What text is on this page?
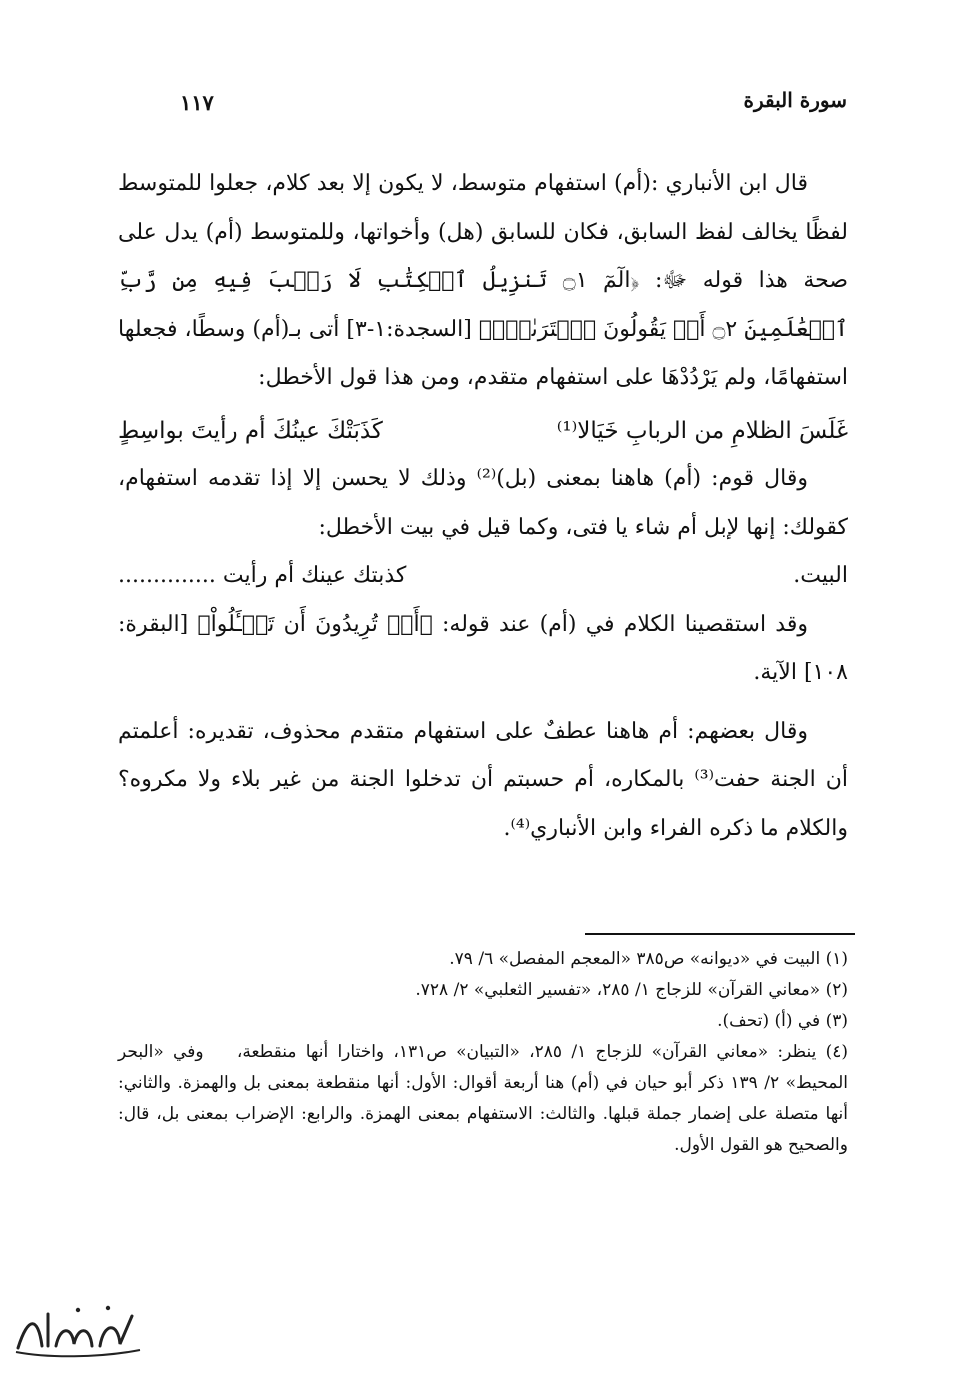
سورة البقرة
١١٧

قال ابن الأنباري :(أم) استفهام متوسط، لا يكون إلا بعد كلام، جعلوا للمتوسط لفظًا يخالف لفظ السابق، فكان للسابق (هل) وأخواتها، وللمتوسط (أم) يدل على صحة هذا قوله ﷻ: ﴿الٓمٓ ۝١ تَنزِيلُ ٱلۡكِتَٰبِ لَا رَيۡبَ فِيهِ مِن رَّبِّ ٱلۡعَٰلَمِينَ ۝٢ أَمۡ يَقُولُونَ ٱفۡتَرَىٰهُۚ﴾ [السجدة:١-٣] أتى بـ(أم) وسطًا، فجعلها استفهامًا، ولم يَرْدُدْهَا على استفهام متقدم، ومن هذا قول الأخطل:

كَذَبَتْكَ عينُكَ أم رأيتَ بواسِطٍ	غَلَسَ الظلامِ من الربابِ خَيَالا⁽¹⁾

وقال قوم: (أم) هاهنا بمعنى (بل)⁽²⁾ وذلك لا يحسن إلا إذا تقدمه استفهام، كقولك: إنها لإبل أم شاء يا فتى، وكما قيل في بيت الأخطل:

كذبتك عينك أم رأيت ..............	البيت.

وقد استقصينا الكلام في (أم) عند قوله: ﴿أَمۡ تُرِيدُونَ أَن تَسۡـَٔلُواْ﴾ [البقرة: ١٠٨] الآية.

وقال بعضهم: أم هاهنا عطفٌ على استفهام متقدم محذوف، تقديره: أعلمتم أن الجنة حفت⁽³⁾ بالمكاره، أم حسبتم أن تدخلوا الجنة من غير بلاء ولا مكروه؟ والكلام ما ذكره الفراء وابن الأنباري⁽⁴⁾.

(١) البيت في «ديوانه» ص٣٨٥ «المعجم المفصل» ٦/ ٧٩.

(٢) «معاني القرآن» للزجاج ١/ ٢٨٥، «تفسير الثعلبي» ٢/ ٧٢٨.

(٣) في (أ) (تحف).

(٤) ينظر: «معاني القرآن» للزجاج ١/ ٢٨٥، «التبيان» ص١٣١، واختارا أنها منقطعة، وفي «البحر المحيط» ٢/ ١٣٩ ذكر أبو حيان في (أم) هنا أربعة أقوال: الأول: أنها منقطعة بمعنى بل والهمزة. والثاني: أنها متصلة على إضمار جملة قبلها. والثالث: الاستفهام بمعنى الهمزة. والرابع: الإضراب بمعنى بل، قال: والصحيح هو القول الأول.
